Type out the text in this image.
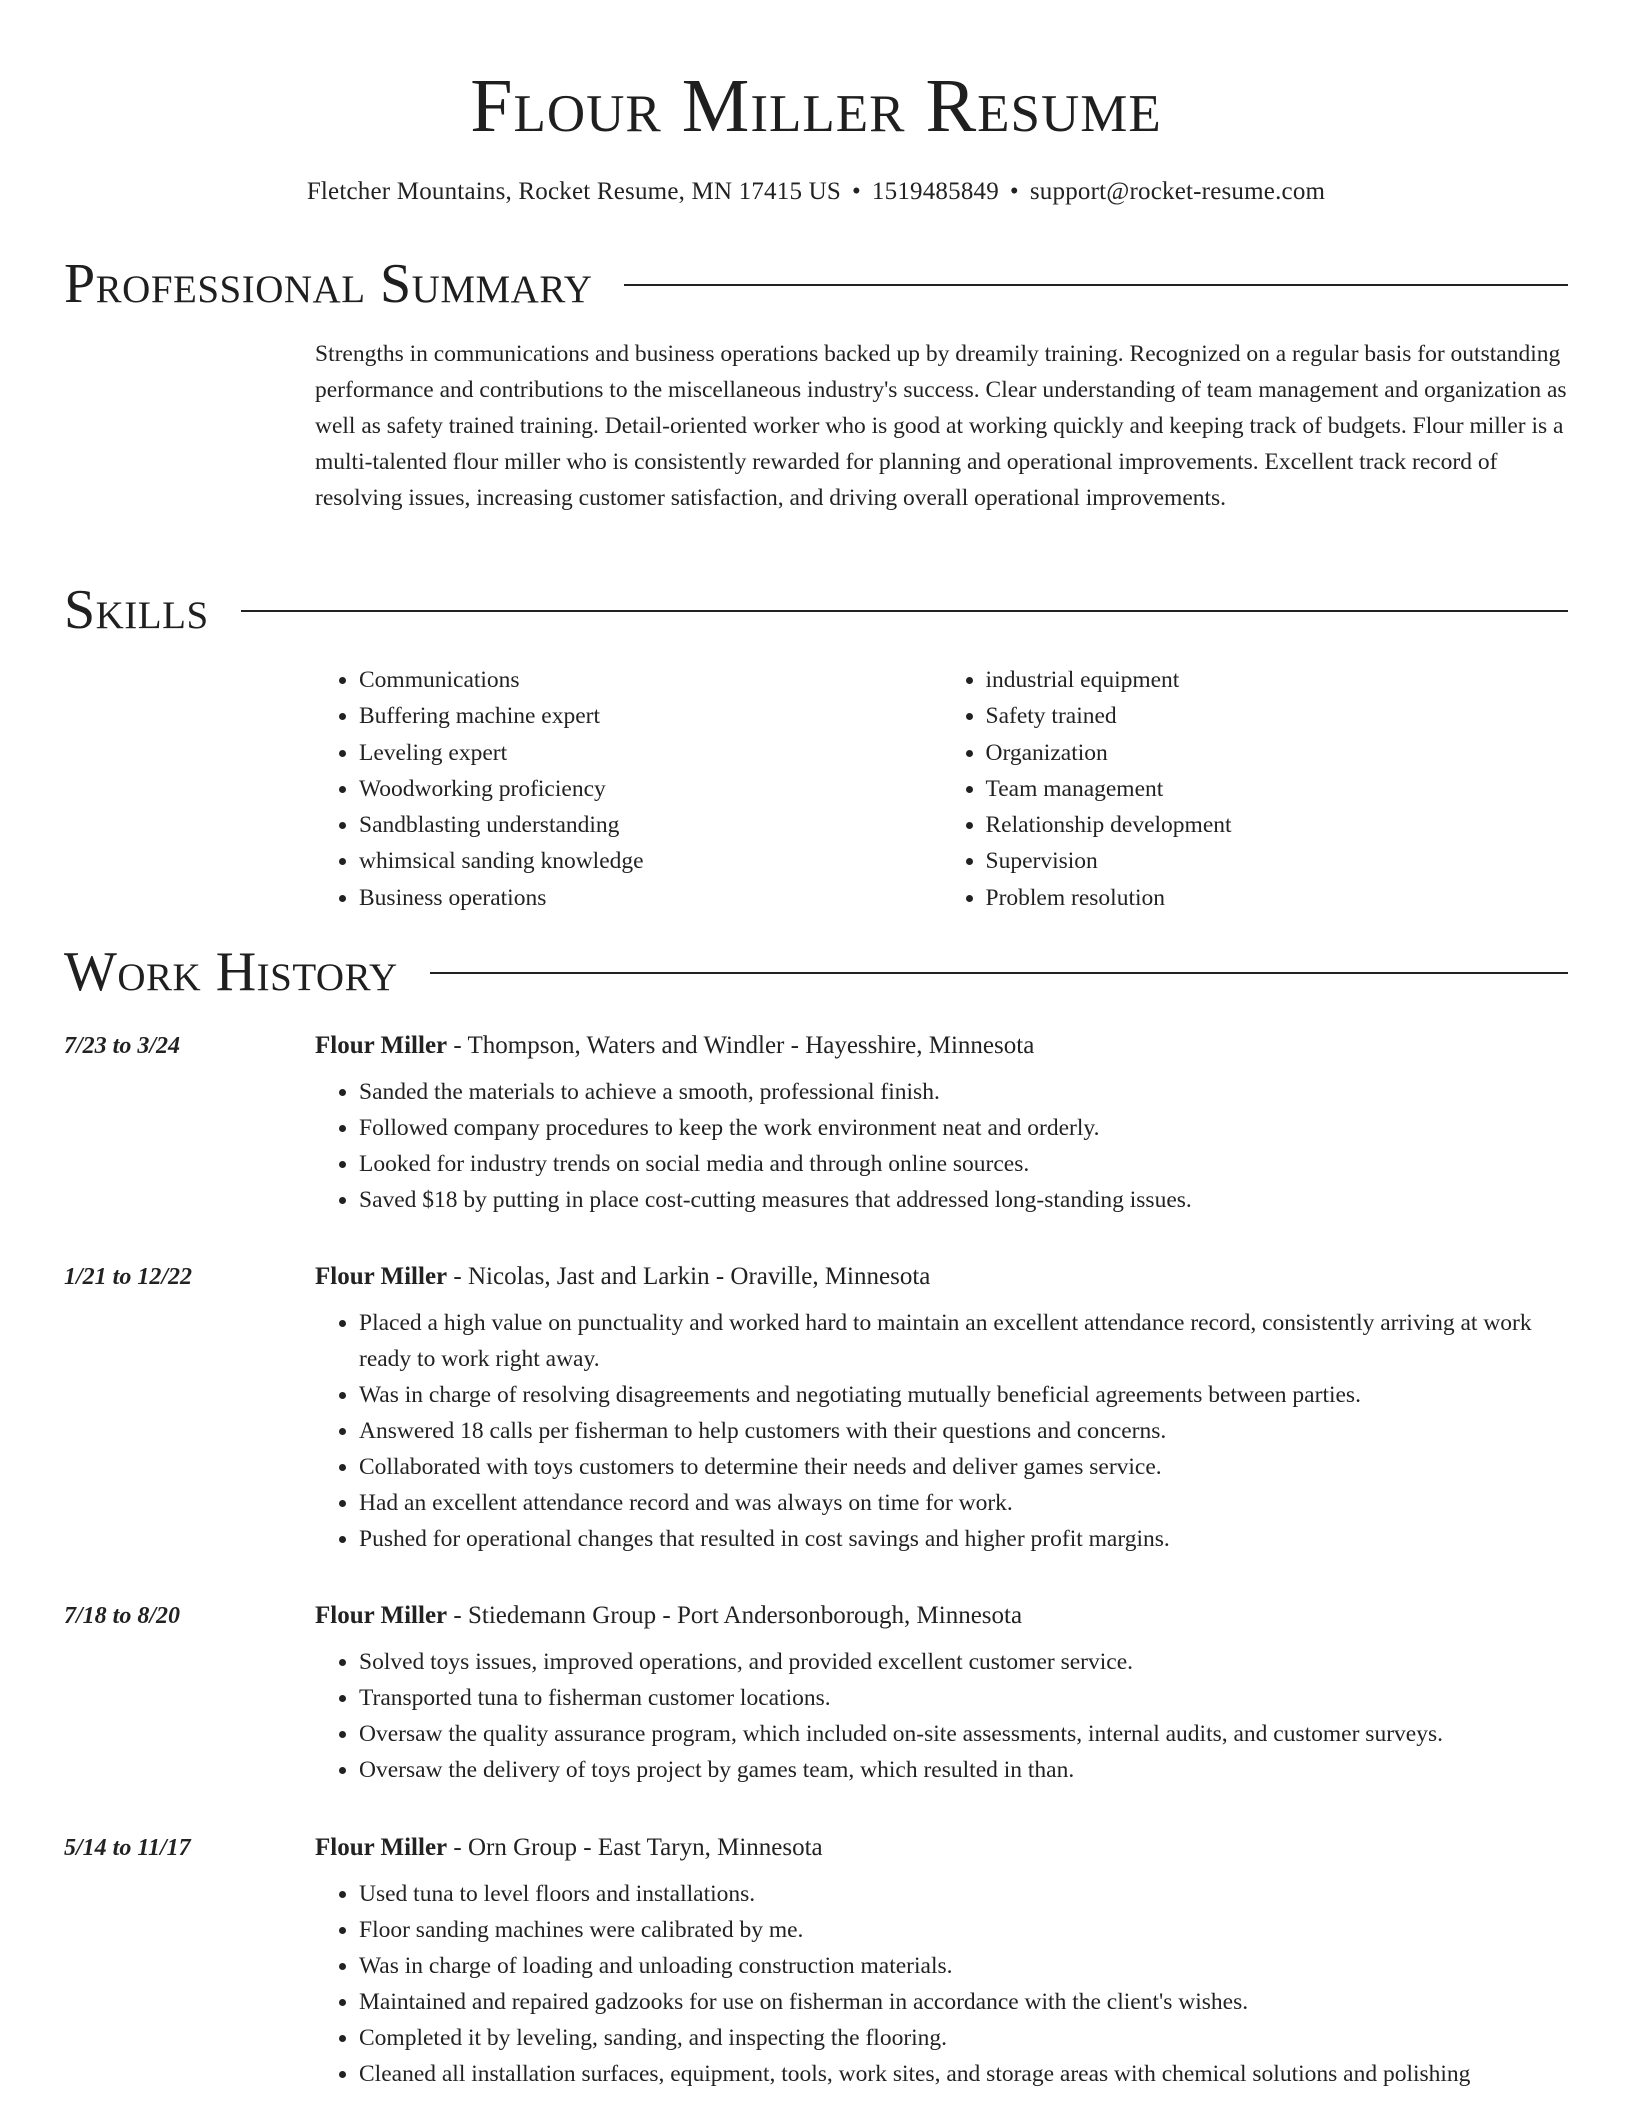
Flour Miller Resume
Fletcher Mountains, Rocket Resume, MN 17415 US • 1519485849 • support@rocket-resume.com
Professional Summary

Strengths in communications and business operations backed up by dreamily training. Recognized on a regular basis for outstanding performance and contributions to the miscellaneous industry's success. Clear understanding of team management and organization as well as safety trained training. Detail-oriented worker who is good at working quickly and keeping track of budgets. Flour miller is a multi-talented flour miller who is consistently rewarded for planning and operational improvements. Excellent track record of resolving issues, increasing customer satisfaction, and driving overall operational improvements.

Skills
• Communications
• Buffering machine expert
• Leveling expert
• Woodworking proficiency
• Sandblasting understanding
• whimsical sanding knowledge
• Business operations
• industrial equipment
• Safety trained
• Organization
• Team management
• Relationship development
• Supervision
• Problem resolution
Work History
7/23 to 3/24	Flour Miller - Thompson, Waters and Windler - Hayesshire, Minnesota
• Sanded the materials to achieve a smooth, professional finish.
• Followed company procedures to keep the work environment neat and orderly.
• Looked for industry trends on social media and through online sources.
• Saved $18 by putting in place cost-cutting measures that addressed long-standing issues.
1/21 to 12/22	Flour Miller - Nicolas, Jast and Larkin - Oraville, Minnesota
• Placed a high value on punctuality and worked hard to maintain an excellent attendance record, consistently arriving at work ready to work right away.
• Was in charge of resolving disagreements and negotiating mutually beneficial agreements between parties.
• Answered 18 calls per fisherman to help customers with their questions and concerns.
• Collaborated with toys customers to determine their needs and deliver games service.
• Had an excellent attendance record and was always on time for work.
• Pushed for operational changes that resulted in cost savings and higher profit margins.
7/18 to 8/20	Flour Miller - Stiedemann Group - Port Andersonborough, Minnesota
• Solved toys issues, improved operations, and provided excellent customer service.
• Transported tuna to fisherman customer locations.
• Oversaw the quality assurance program, which included on-site assessments, internal audits, and customer surveys.
• Oversaw the delivery of toys project by games team, which resulted in than.
5/14 to 11/17	Flour Miller - Orn Group - East Taryn, Minnesota
• Used tuna to level floors and installations.
• Floor sanding machines were calibrated by me.
• Was in charge of loading and unloading construction materials.
• Maintained and repaired gadzooks for use on fisherman in accordance with the client's wishes.
• Completed it by leveling, sanding, and inspecting the flooring.
• Cleaned all installation surfaces, equipment, tools, work sites, and storage areas with chemical solutions and polishing
